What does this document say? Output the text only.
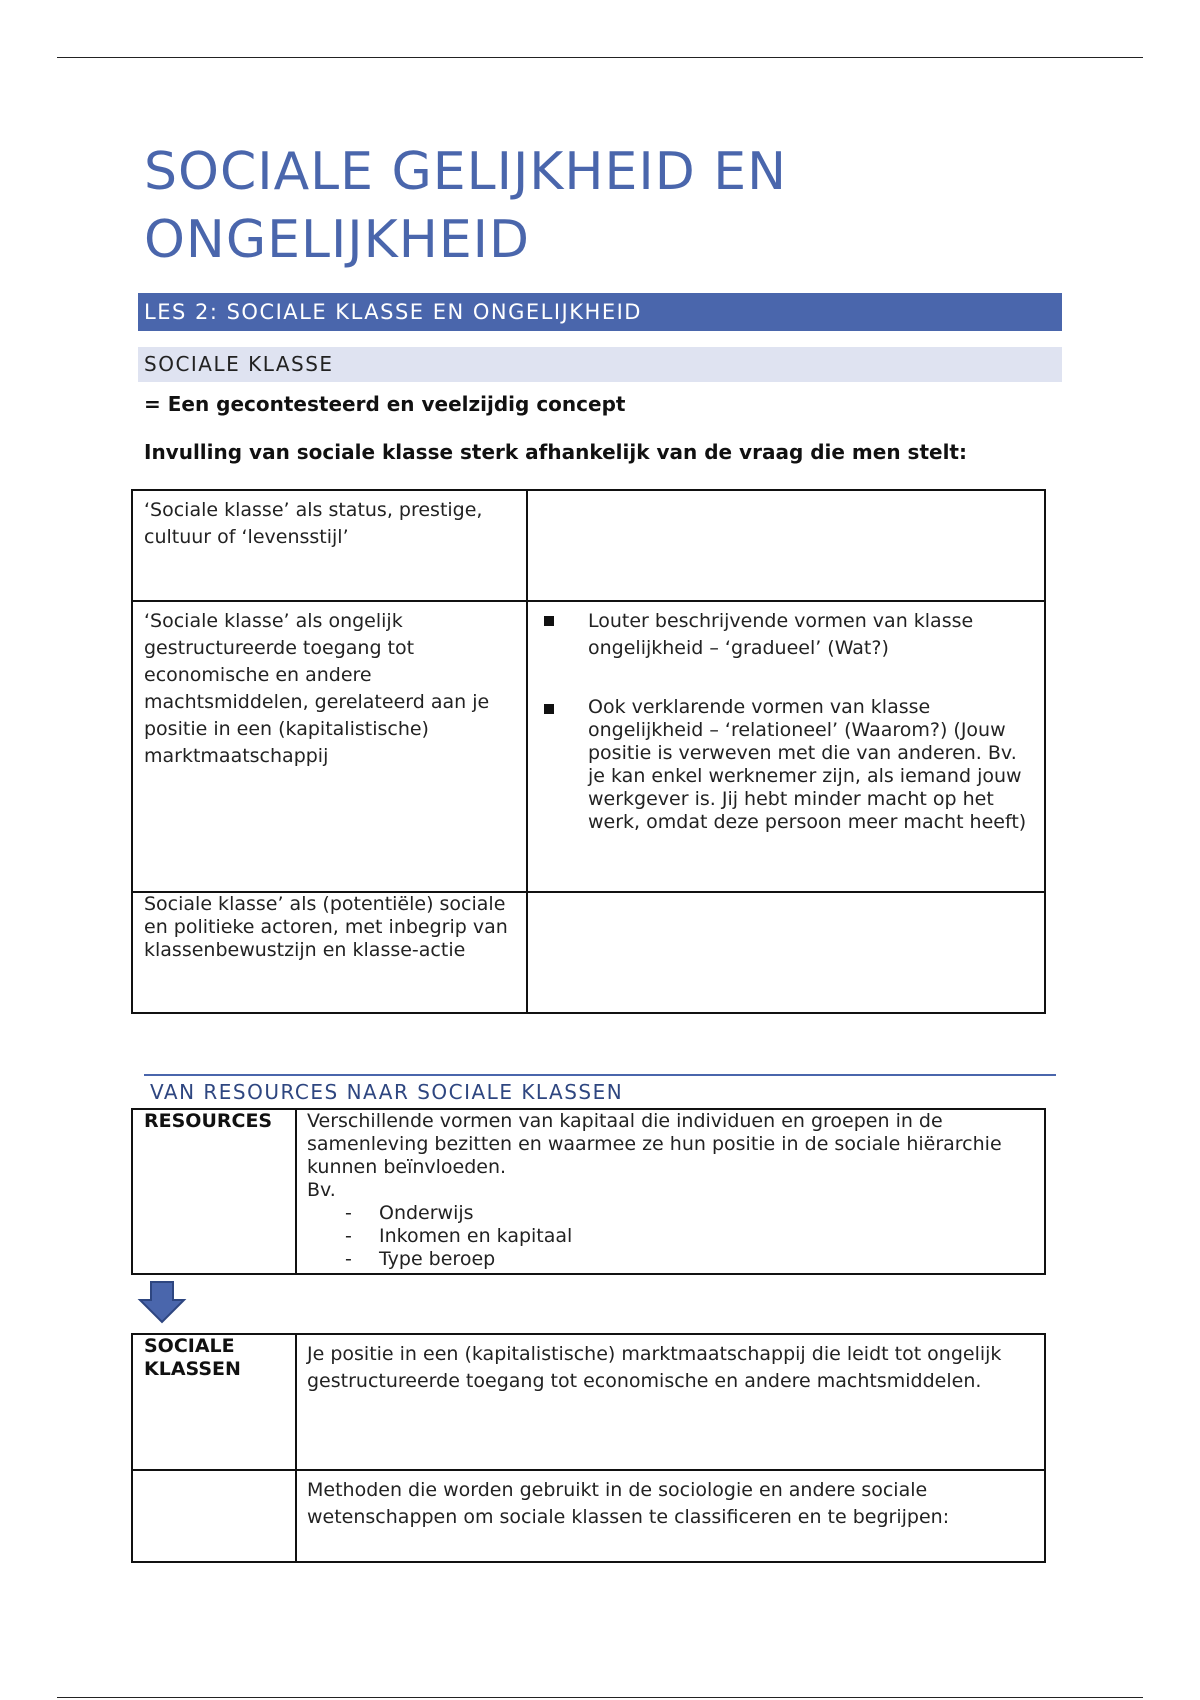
SOCIALE GELIJKHEID EN ONGELIJKHEID
LES 2: SOCIALE KLASSE EN ONGELIJKHEID
SOCIALE KLASSE
= Een gecontesteerd en veelzijdig concept
Invulling van sociale klasse sterk afhankelijk van de vraag die men stelt:
‘Sociale klasse’ als status, prestige, cultuur of ‘levensstijl’	
‘Sociale klasse’ als ongelijk gestructureerde toegang tot economische en andere machtsmiddelen, gerelateerd aan je positie in een (kapitalistische) marktmaatschappij	Louter beschrijvende vormen van klasse ongelijkheid – ‘gradueel’ (Wat?)
Ook verklarende vormen van klasse ongelijkheid – ‘relationeel’ (Waarom?) (Jouw positie is verweven met die van anderen. Bv. je kan enkel werknemer zijn, als iemand jouw werkgever is. Jij hebt minder macht op het werk, omdat deze persoon meer macht heeft)

Sociale klasse’ als (potentiële) sociale en politieke actoren, met inbegrip van klassenbewustzijn en klasse-actie	
VAN RESOURCES NAAR SOCIALE KLASSEN
RESOURCES	Verschillende vormen van kapitaal die individuen en groepen in de samenleving bezitten en waarmee ze hun positie in de sociale hiërarchie kunnen beïnvloeden.
Bv.
- Onderwijs
- Inkomen en kapitaal
- Type beroep
SOCIALE KLASSEN	Je positie in een (kapitalistische) marktmaatschappij die leidt tot ongelijk gestructureerde toegang tot economische en andere machtsmiddelen.
	Methoden die worden gebruikt in de sociologie en andere sociale wetenschappen om sociale klassen te classificeren en te begrijpen:
